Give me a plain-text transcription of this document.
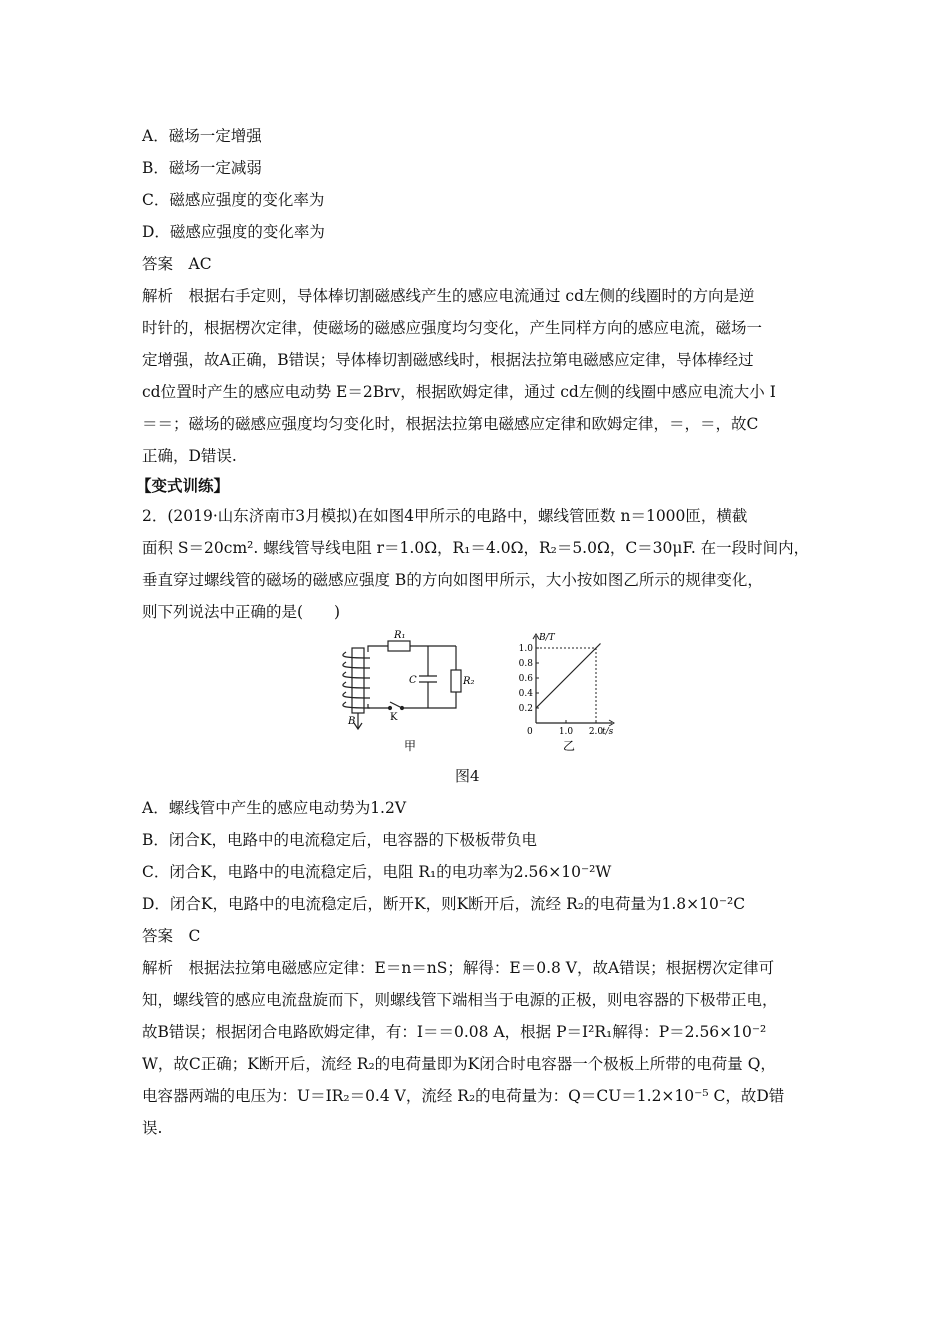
A．磁场一定增强
B．磁场一定减弱
C．磁感应强度的变化率为
D．磁感应强度的变化率为
答案　AC
解析　根据右手定则，导体棒切割磁感线产生的感应电流通过 cd左侧的线圈时的方向是逆
时针的，根据楞次定律，使磁场的磁感应强度均匀变化，产生同样方向的感应电流，磁场一
定增强，故A正确，B错误；导体棒切割磁感线时，根据法拉第电磁感应定律，导体棒经过
cd位置时产生的感应电动势 E＝2Brv，根据欧姆定律，通过 cd左侧的线圈中感应电流大小 I
＝＝；磁场的磁感应强度均匀变化时，根据法拉第电磁感应定律和欧姆定律，＝，＝，故C
正确，D错误.
【变式训练】
2．(2019·山东济南市3月模拟)在如图4甲所示的电路中，螺线管匝数 n＝1000匝，横截
面积 S＝20cm². 螺线管导线电阻 r＝1.0Ω，R₁＝4.0Ω，R₂＝5.0Ω，C＝30μF. 在一段时间内，
垂直穿过螺线管的磁场的磁感应强度 B的方向如图甲所示，大小按如图乙所示的规律变化，
则下列说法中正确的是(　　)
R₁
R₂
C
K
B
甲
1.0
0.8
0.6
0.4
0.2
1.0 2.0
B/T
t/s
0
乙
图4
A．螺线管中产生的感应电动势为1.2V
B．闭合K，电路中的电流稳定后，电容器的下极板带负电
C．闭合K，电路中的电流稳定后，电阻 R₁的电功率为2.56×10⁻²W
D．闭合K，电路中的电流稳定后，断开K，则K断开后，流经 R₂的电荷量为1.8×10⁻²C
答案　C
解析　根据法拉第电磁感应定律：E＝n＝nS；解得：E＝0.8 V，故A错误；根据楞次定律可
知，螺线管的感应电流盘旋而下，则螺线管下端相当于电源的正极，则电容器的下极带正电，
故B错误；根据闭合电路欧姆定律，有：I＝＝0.08 A，根据 P＝I²R₁解得：P＝2.56×10⁻²
W，故C正确；K断开后，流经 R₂的电荷量即为K闭合时电容器一个极板上所带的电荷量 Q，
电容器两端的电压为：U＝IR₂＝0.4 V，流经 R₂的电荷量为：Q＝CU＝1.2×10⁻⁵ C，故D错
误.
